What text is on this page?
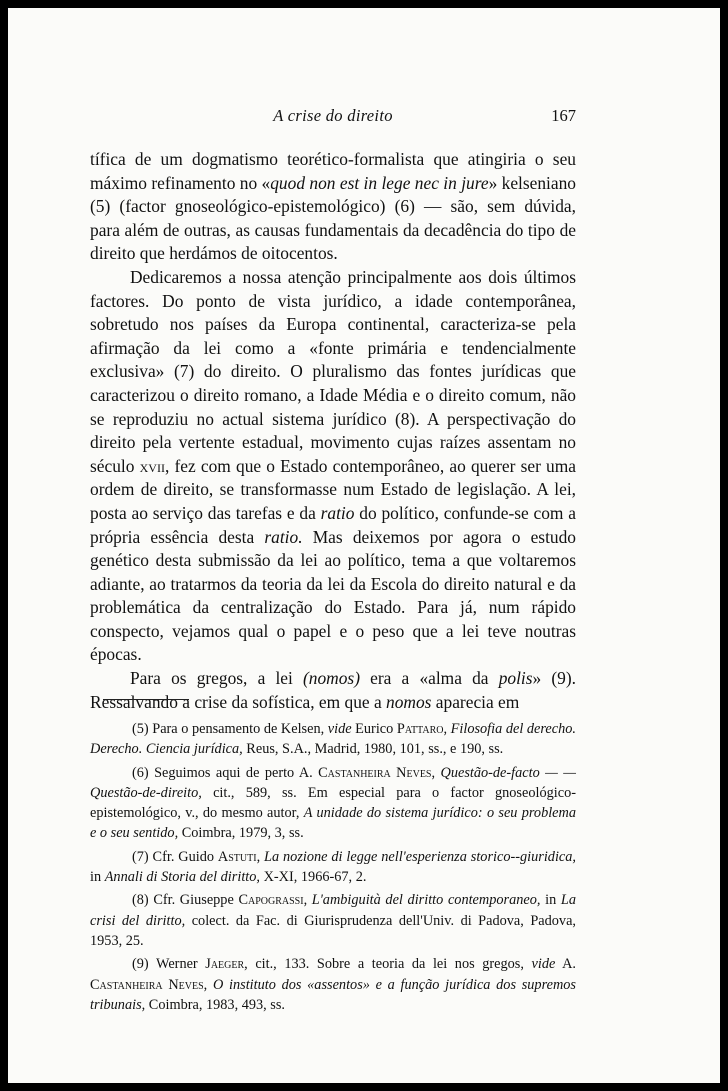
A crise do direito	167

tífica de um dogmatismo teorético-formalista que atingiria o seu máximo refinamento no «quod non est in lege nec in jure» kelseniano (5) (factor gnoseológico-epistemológico) (6) — são, sem dúvida, para além de outras, as causas fundamentais da decadência do tipo de direito que herdámos de oitocentos.

Dedicaremos a nossa atenção principalmente aos dois últimos factores. Do ponto de vista jurídico, a idade contemporânea, sobretudo nos países da Europa continental, caracteriza-se pela afirmação da lei como a «fonte primária e tendencialmente exclusiva» (7) do direito. O pluralismo das fontes jurídicas que caracterizou o direito romano, a Idade Média e o direito comum, não se reproduziu no actual sistema jurídico (8). A perspectivação do direito pela vertente estadual, movimento cujas raízes assentam no século xvii, fez com que o Estado contemporâneo, ao querer ser uma ordem de direito, se transformasse num Estado de legislação. A lei, posta ao serviço das tarefas e da ratio do político, confunde-se com a própria essência desta ratio. Mas deixemos por agora o estudo genético desta submissão da lei ao político, tema a que voltaremos adiante, ao tratarmos da teoria da lei da Escola do direito natural e da problemática da centralização do Estado. Para já, num rápido conspecto, vejamos qual o papel e o peso que a lei teve noutras épocas.

Para os gregos, a lei (nomos) era a «alma da polis» (9). Ressalvando a crise da sofística, em que a nomos aparecia em

(5) Para o pensamento de Kelsen, vide Eurico Pattaro, Filosofia del derecho. Derecho. Ciencia jurídica, Reus, S.A., Madrid, 1980, 101, ss., e 190, ss.

(6) Seguimos aqui de perto A. Castanheira Neves, Questão-de-facto — — Questão-de-direito, cit., 589, ss. Em especial para o factor gnoseológico-epistemológico, v., do mesmo autor, A unidade do sistema jurídico: o seu problema e o seu sentido, Coimbra, 1979, 3, ss.

(7) Cfr. Guido Astuti, La nozione di legge nell'esperienza storico--giuridica, in Annali di Storia del diritto, X-XI, 1966-67, 2.

(8) Cfr. Giuseppe Capograssi, L'ambiguità del diritto contemporaneo, in La crisi del diritto, colect. da Fac. di Giurisprudenza dell'Univ. di Padova, Padova, 1953, 25.

(9) Werner Jaeger, cit., 133. Sobre a teoria da lei nos gregos, vide A. Castanheira Neves, O instituto dos «assentos» e a função jurídica dos supremos tribunais, Coimbra, 1983, 493, ss.
